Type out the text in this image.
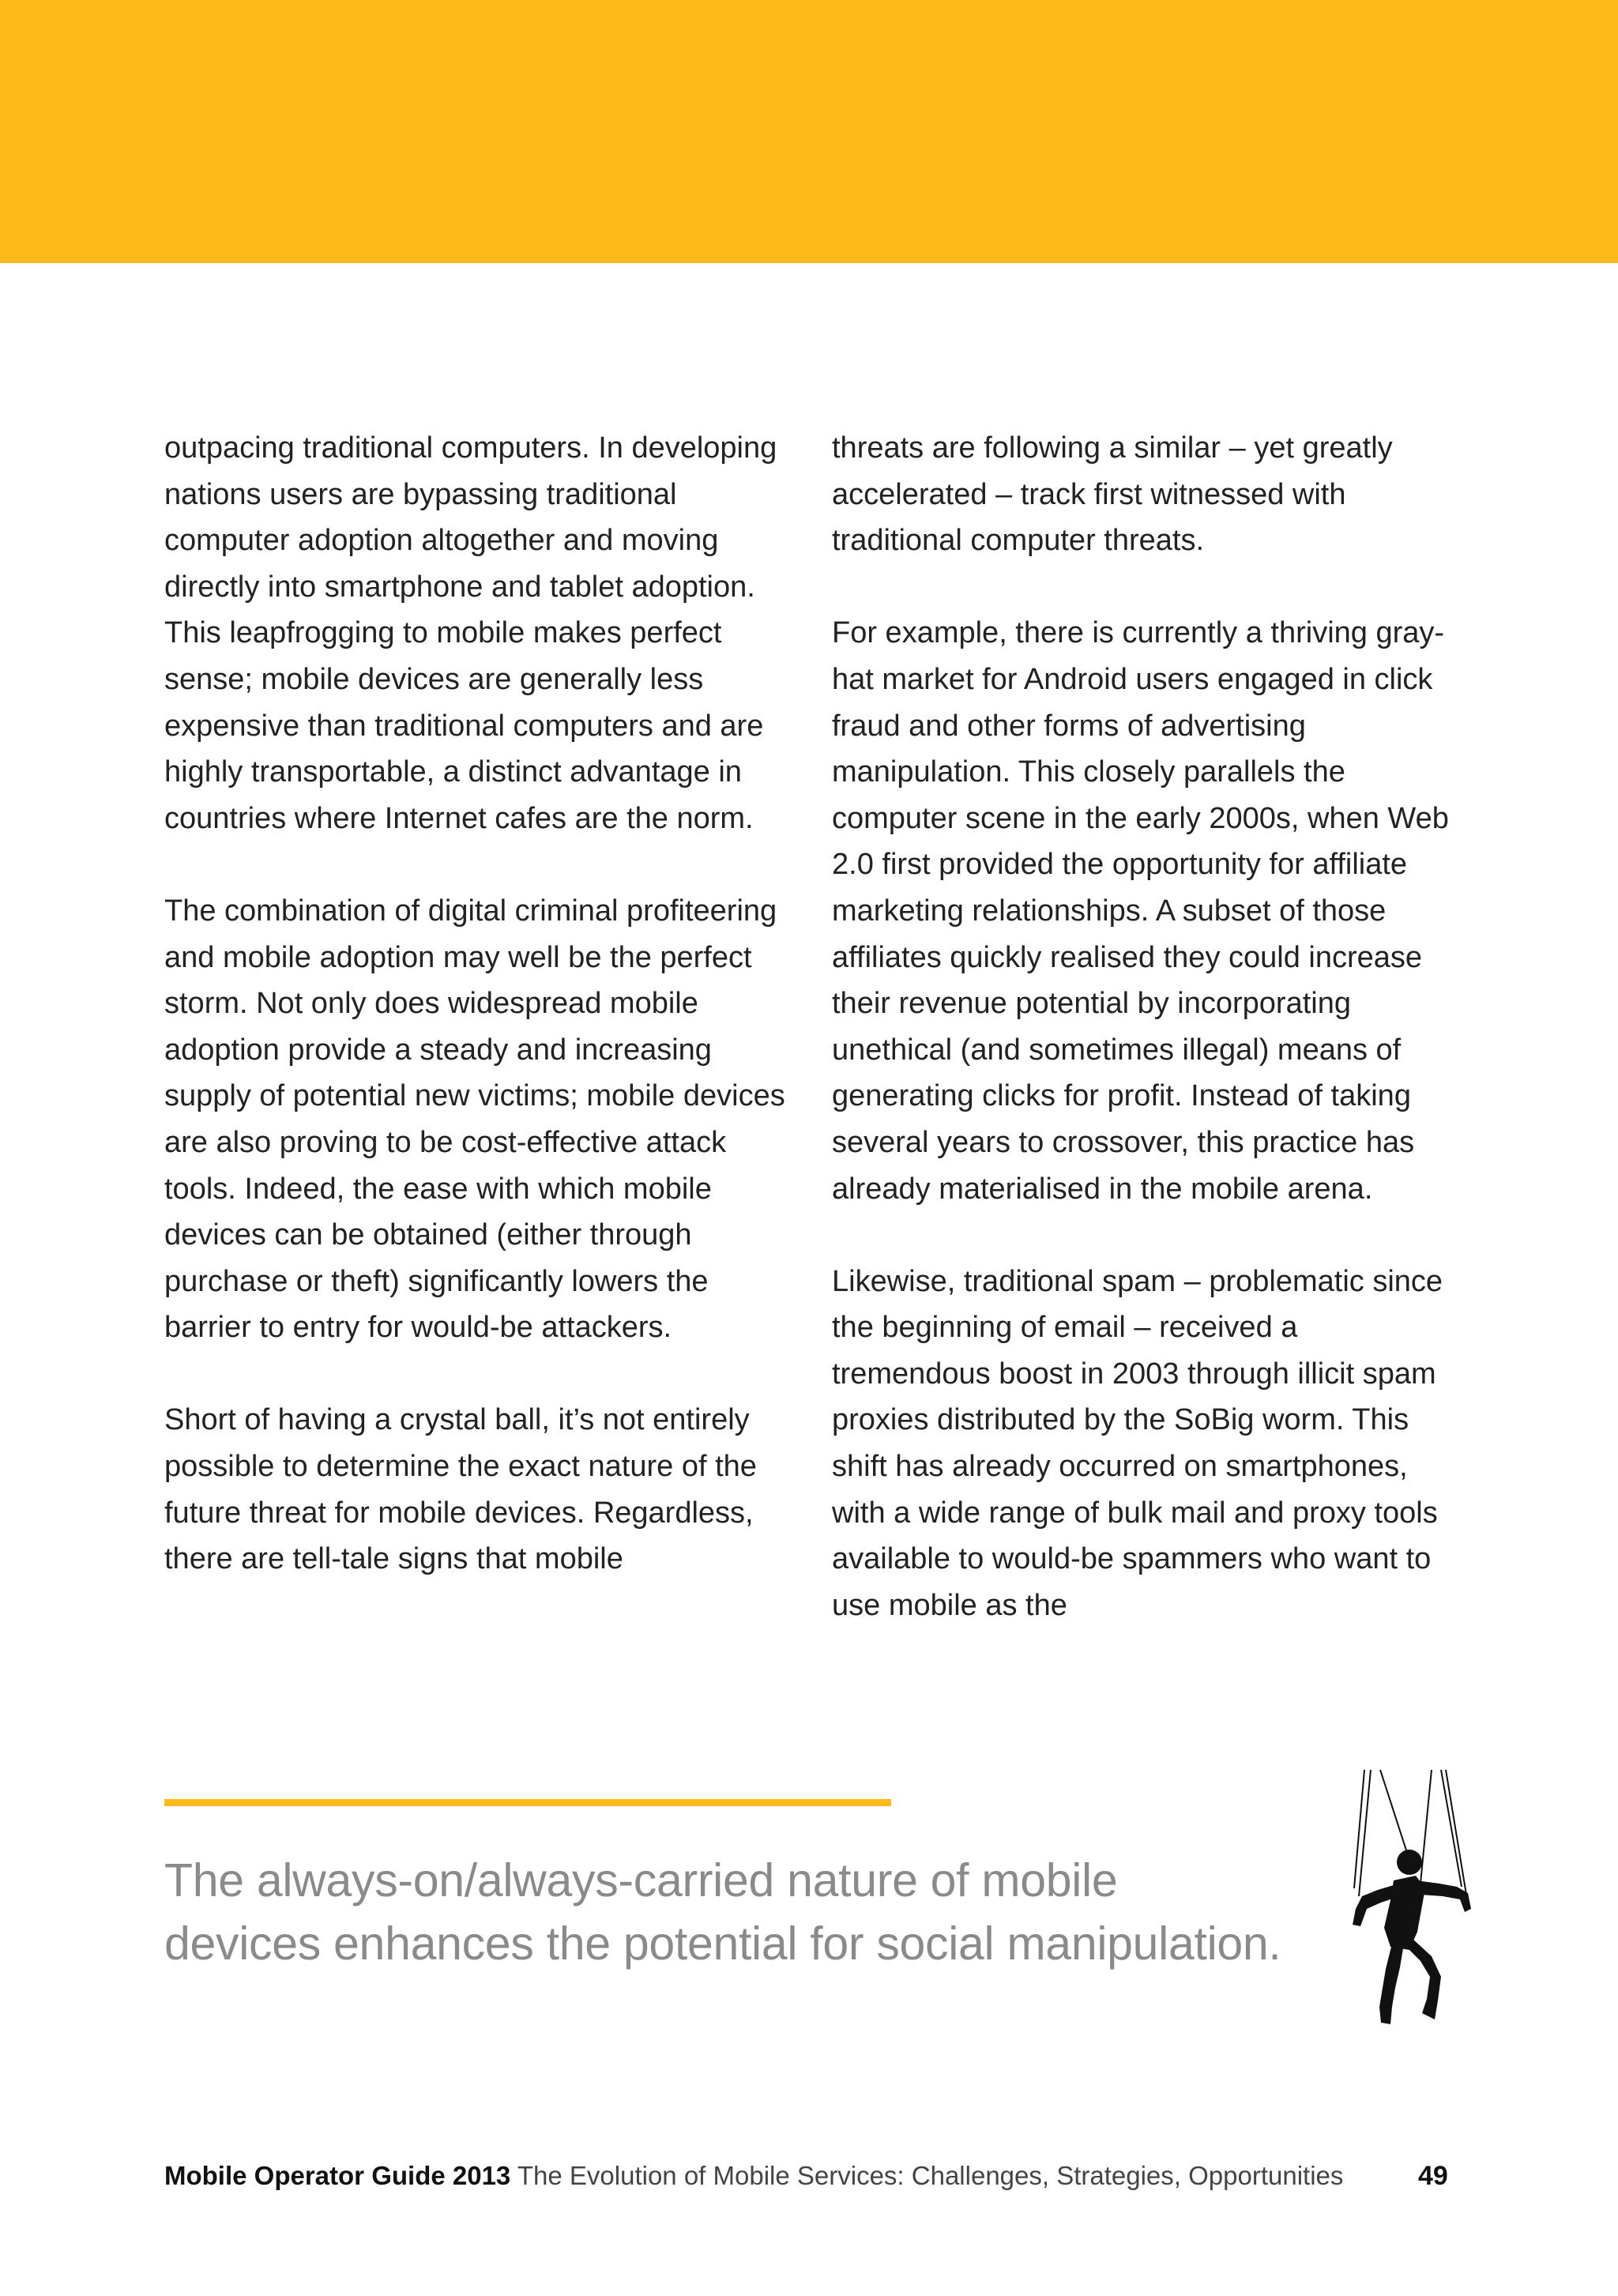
outpacing traditional computers. In developing nations users are bypassing traditional computer adoption altogether and moving directly into smartphone and tablet adoption. This leapfrogging to mobile makes perfect sense; mobile devices are generally less expensive than traditional computers and are highly transportable, a distinct advantage in countries where Internet cafes are the norm.

The combination of digital criminal profiteering and mobile adoption may well be the perfect storm. Not only does widespread mobile adoption provide a steady and increasing supply of potential new victims; mobile devices are also proving to be cost-effective attack tools. Indeed, the ease with which mobile devices can be obtained (either through purchase or theft) significantly lowers the barrier to entry for would-be attackers.

Short of having a crystal ball, it’s not entirely possible to determine the exact nature of the future threat for mobile devices. Regardless, there are tell-tale signs that mobile

threats are following a similar – yet greatly accelerated – track first witnessed with traditional computer threats.

For example, there is currently a thriving gray-hat market for Android users engaged in click fraud and other forms of advertising manipulation. This closely parallels the computer scene in the early 2000s, when Web 2.0 first provided the opportunity for affiliate marketing relationships. A subset of those affiliates quickly realised they could increase their revenue potential by incorporating unethical (and sometimes illegal) means of generating clicks for profit. Instead of taking several years to crossover, this practice has already materialised in the mobile arena.

Likewise, traditional spam – problematic since the beginning of email – received a tremendous boost in 2003 through illicit spam proxies distributed by the SoBig worm. This shift has already occurred on smartphones, with a wide range of bulk mail and proxy tools available to would-be spammers who want to use mobile as the

The always-on/always-carried nature of mobile
devices enhances the potential for social manipulation.
Mobile Operator Guide 2013 The Evolution of Mobile Services: Challenges, Strategies, Opportunities	49
